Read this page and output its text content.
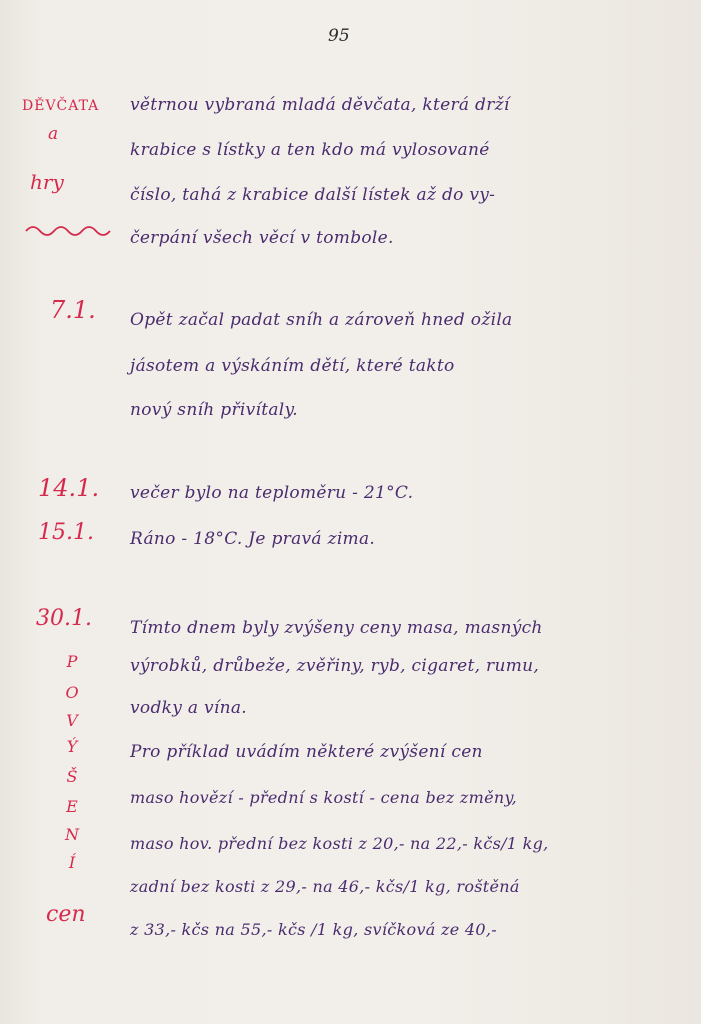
95
DĚVČATA
a
hry
7.1.
14.1.
15.1.
30.1.
P
O
V
Ý
Š
E
N
Í
cen
větrnou vybraná mladá děvčata, která drží
krabice s lístky a ten kdo má vylosované
číslo, tahá z krabice další lístek až do vy-
čerpání všech věcí v tombole.
Opět začal padat sníh a zároveň hned ožila
jásotem a výskáním dětí, které takto
nový sníh přivítaly.
večer bylo na teploměru - 21°C.
Ráno - 18°C. Je pravá zima.
Tímto dnem byly zvýšeny ceny masa, masných
výrobků, drůbeže, zvěřiny, ryb, cigaret, rumu,
vodky a vína.
Pro příklad uvádím některé zvýšení cen
maso hovězí - přední s kostí - cena bez změny,
maso hov. přední bez kosti z 20,- na 22,- kčs/1 kg,
zadní bez kosti z 29,- na 46,- kčs/1 kg, roštěná
z 33,- kčs na 55,- kčs /1 kg, svíčková ze 40,-
